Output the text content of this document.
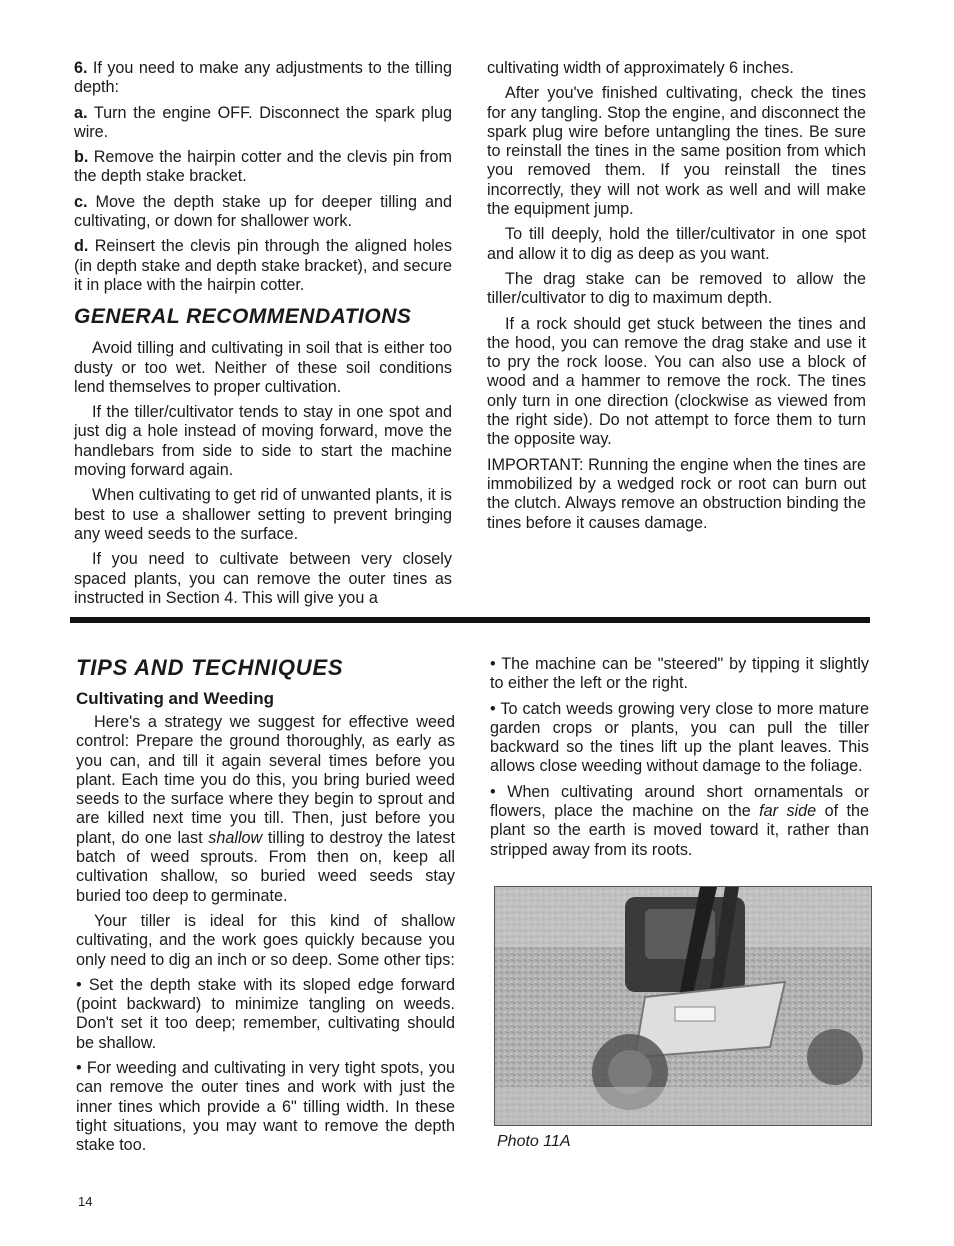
6. If you need to make any adjustments to the tilling depth:

a. Turn the engine OFF. Disconnect the spark plug wire.

b. Remove the hairpin cotter and the clevis pin from the depth stake bracket.

c. Move the depth stake up for deeper tilling and cultivating, or down for shallower work.

d. Reinsert the clevis pin through the aligned holes (in depth stake and depth stake bracket), and secure it in place with the hairpin cotter.

GENERAL RECOMMENDATIONS

Avoid tilling and cultivating in soil that is either too dusty or too wet. Neither of these soil conditions lend themselves to proper cultivation.

If the tiller/cultivator tends to stay in one spot and just dig a hole instead of moving forward, move the handlebars from side to side to start the machine moving forward again.

When cultivating to get rid of unwanted plants, it is best to use a shallower setting to prevent bringing any weed seeds to the surface.

If you need to cultivate between very closely spaced plants, you can remove the outer tines as instructed in Section 4. This will give you a

cultivating width of approximately 6 inches.

After you've finished cultivating, check the tines for any tangling. Stop the engine, and disconnect the spark plug wire before untangling the tines. Be sure to reinstall the tines in the same position from which you removed them. If you reinstall the tines incorrectly, they will not work as well and will make the equipment jump.

To till deeply, hold the tiller/cultivator in one spot and allow it to dig as deep as you want.

The drag stake can be removed to allow the tiller/cultivator to dig to maximum depth.

If a rock should get stuck between the tines and the hood, you can remove the drag stake and use it to pry the rock loose. You can also use a block of wood and a hammer to remove the rock. The tines only turn in one direction (clockwise as viewed from the right side). Do not attempt to force them to turn the opposite way.

IMPORTANT: Running the engine when the tines are immobilized by a wedged rock or root can burn out the clutch. Always remove an obstruction binding the tines before it causes damage.

TIPS AND TECHNIQUES
Cultivating and Weeding

Here's a strategy we suggest for effective weed control: Prepare the ground thoroughly, as early as you can, and till it again several times before you plant. Each time you do this, you bring buried weed seeds to the surface where they begin to sprout and are killed next time you till. Then, just before you plant, do one last shallow tilling to destroy the latest batch of weed sprouts. From then on, keep all cultivation shallow, so buried weed seeds stay buried too deep to germinate.

Your tiller is ideal for this kind of shallow cultivating, and the work goes quickly because you only need to dig an inch or so deep. Some other tips:

• Set the depth stake with its sloped edge forward (point backward) to minimize tangling on weeds. Don't set it too deep; remember, cultivating should be shallow.

• For weeding and cultivating in very tight spots, you can remove the outer tines and work with just the inner tines which provide a 6" tilling width. In these tight situations, you may want to remove the depth stake too.

• The machine can be "steered" by tipping it slightly to either the left or the right.

• To catch weeds growing very close to more mature garden crops or plants, you can pull the tiller backward so the tines lift up the plant leaves. This allows close weeding without damage to the foliage.

• When cultivating around short ornamentals or flowers, place the machine on the far side of the plant so the earth is moved toward it, rather than stripped away from its roots.

Photo 11A
14
